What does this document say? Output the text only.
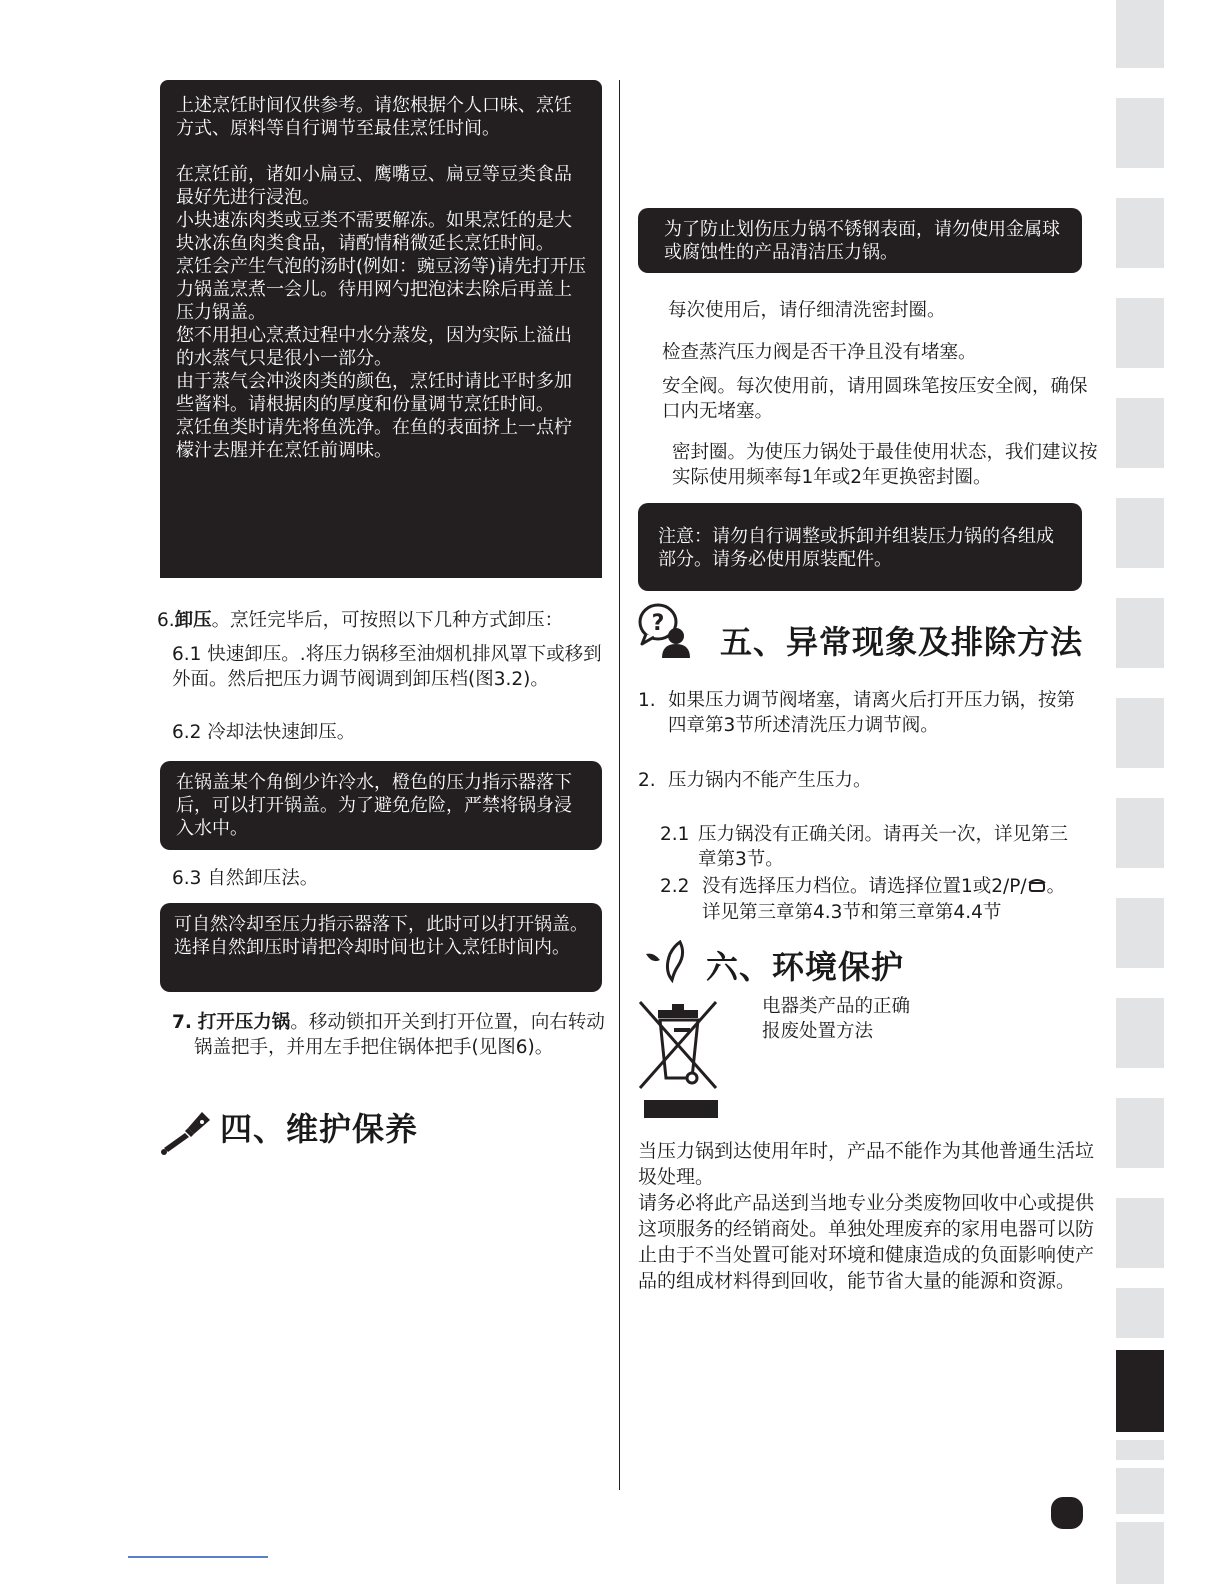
上述烹饪时间仅供参考。请您根据个人口味、烹饪方式、原料等自行调节至最佳烹饪时间。

在烹饪前，诸如小扁豆、鹰嘴豆、扁豆等豆类食品最好先进行浸泡。

小块速冻肉类或豆类不需要解冻。如果烹饪的是大块冰冻鱼肉类食品，请酌情稍微延长烹饪时间。

烹饪会产生气泡的汤时(例如：豌豆汤等)请先打开压力锅盖烹煮一会儿。待用网勺把泡沫去除后再盖上压力锅盖。

您不用担心烹煮过程中水分蒸发，因为实际上溢出的水蒸气只是很小一部分。

由于蒸气会冲淡肉类的颜色，烹饪时请比平时多加些酱料。请根据肉的厚度和份量调节烹饪时间。

烹饪鱼类时请先将鱼洗净。在鱼的表面挤上一点柠檬汁去腥并在烹饪前调味。

6.卸压。烹饪完毕后，可按照以下几种方式卸压：

6.1 快速卸压。.将压力锅移至油烟机排风罩下或移到外面。然后把压力调节阀调到卸压档(图3.2)。

6.2 冷却法快速卸压。

在锅盖某个角倒少许冷水，橙色的压力指示器落下后，可以打开锅盖。为了避免危险，严禁将锅身浸入水中。

6.3 自然卸压法。

可自然冷却至压力指示器落下，此时可以打开锅盖。选择自然卸压时请把冷却时间也计入烹饪时间内。

7. 打开压力锅。移动锁扣开关到打开位置，向右转动锅盖把手，并用左手把住锅体把手(见图6)。
四、维护保养

为了防止划伤压力锅不锈钢表面，请勿使用金属球或腐蚀性的产品清洁压力锅。

每次使用后，请仔细清洗密封圈。

检查蒸汽压力阀是否干净且没有堵塞。

安全阀。每次使用前，请用圆珠笔按压安全阀，确保口内无堵塞。

密封圈。为使压力锅处于最佳使用状态，我们建议按实际使用频率每1年或2年更换密封圈。

注意：请勿自行调整或拆卸并组装压力锅的各组成部分。请务必使用原装配件。

? 五、异常现象及排除方法
1. 如果压力调节阀堵塞，请离火后打开压力锅，按第四章第3节所述清洗压力调节阀。

2. 压力锅内不能产生压力。

2.1 压力锅没有正确关闭。请再关一次，详见第三章第3节。

2.2 没有选择压力档位。请选择位置1或2/P/ 。
详见第三章第4.3节和第三章第4.4节

六、环境保护

电器类产品的正确

报废处置方法

当压力锅到达使用年时，产品不能作为其他普通生活垃圾处理。

请务必将此产品送到当地专业分类废物回收中心或提供这项服务的经销商处。单独处理废弃的家用电器可以防止由于不当处置可能对环境和健康造成的负面影响使产品的组成材料得到回收，能节省大量的能源和资源。
